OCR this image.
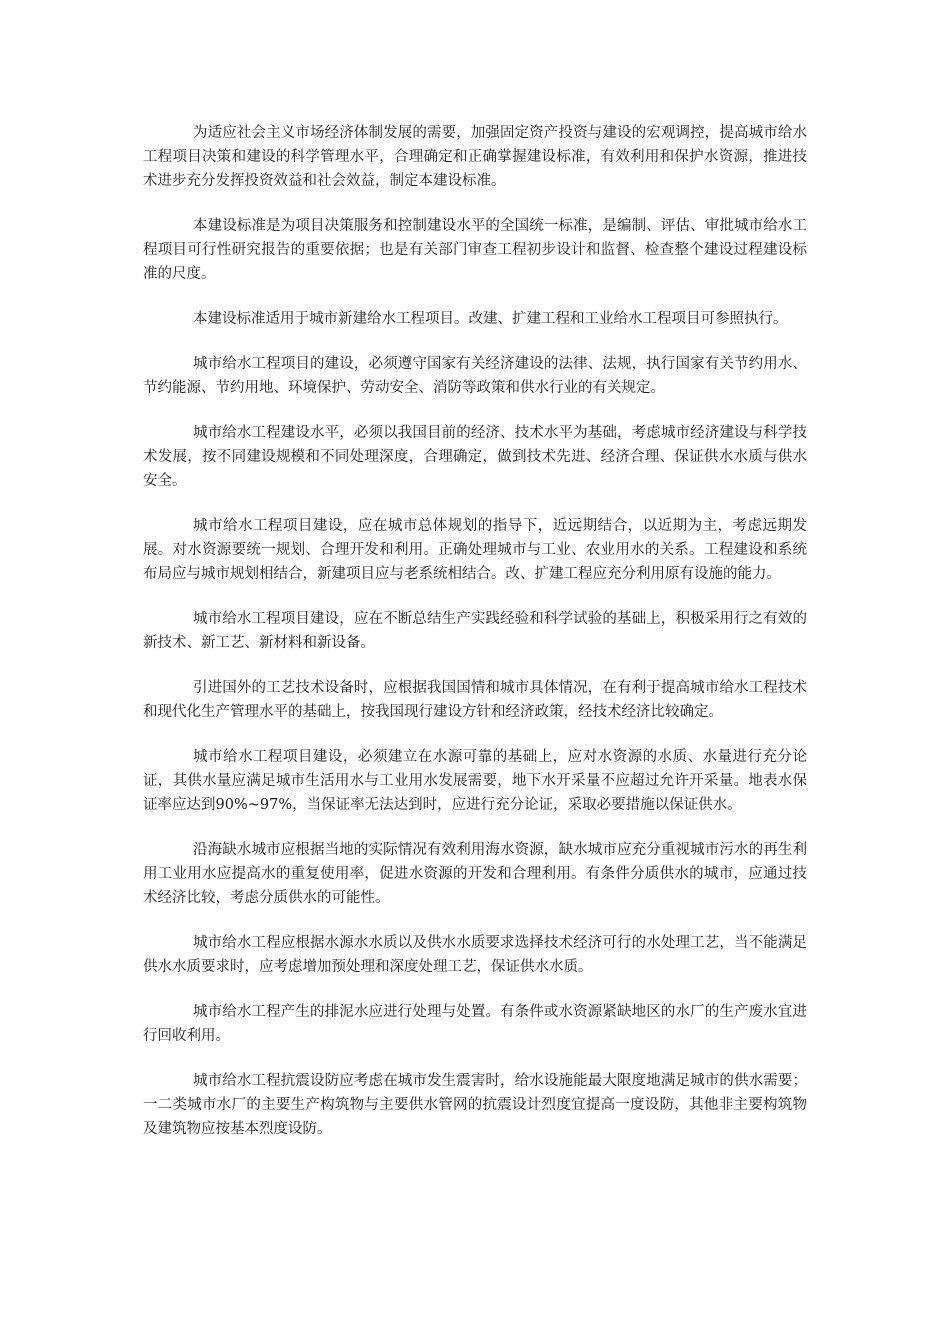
为适应社会主义市场经济体制发展的需要，加强固定资产投资与建设的宏观调控，提高城市给水工程项目决策和建设的科学管理水平，合理确定和正确掌握建设标准，有效利用和保护水资源，推进技术进步充分发挥投资效益和社会效益，制定本建设标准。

本建设标准是为项目决策服务和控制建设水平的全国统一标准，是编制、评估、审批城市给水工程项目可行性研究报告的重要依据；也是有关部门审查工程初步设计和监督、检查整个建设过程建设标准的尺度。

本建设标准适用于城市新建给水工程项目。改建、扩建工程和工业给水工程项目可参照执行。

城市给水工程项目的建设，必须遵守国家有关经济建设的法律、法规，执行国家有关节约用水、节约能源、节约用地、环境保护、劳动安全、消防等政策和供水行业的有关规定。

城市给水工程建设水平，必须以我国目前的经济、技术水平为基础，考虑城市经济建设与科学技术发展，按不同建设规模和不同处理深度，合理确定，做到技术先进、经济合理、保证供水水质与供水安全。

城市给水工程项目建设，应在城市总体规划的指导下，近远期结合，以近期为主，考虑远期发展。对水资源要统一规划、合理开发和利用。正确处理城市与工业、农业用水的关系。工程建设和系统布局应与城市规划相结合，新建项目应与老系统相结合。改、扩建工程应充分利用原有设施的能力。

城市给水工程项目建设，应在不断总结生产实践经验和科学试验的基础上，积极采用行之有效的新技术、新工艺、新材料和新设备。

引进国外的工艺技术设备时，应根据我国国情和城市具体情况，在有利于提高城市给水工程技术和现代化生产管理水平的基础上，按我国现行建设方针和经济政策，经技术经济比较确定。

城市给水工程项目建设，必须建立在水源可靠的基础上，应对水资源的水质、水量进行充分论证，其供水量应满足城市生活用水与工业用水发展需要，地下水开采量不应超过允许开采量。地表水保证率应达到90%~97%，当保证率无法达到时，应进行充分论证，采取必要措施以保证供水。

沿海缺水城市应根据当地的实际情况有效利用海水资源，缺水城市应充分重视城市污水的再生利用工业用水应提高水的重复使用率，促进水资源的开发和合理利用。有条件分质供水的城市，应通过技术经济比较，考虑分质供水的可能性。

城市给水工程应根据水源水水质以及供水水质要求选择技术经济可行的水处理工艺，当不能满足供水水质要求时，应考虑增加预处理和深度处理工艺，保证供水水质。

城市给水工程产生的排泥水应进行处理与处置。有条件或水资源紧缺地区的水厂的生产废水宜进行回收利用。

城市给水工程抗震设防应考虑在城市发生震害时，给水设施能最大限度地满足城市的供水需要；一二类城市水厂的主要生产构筑物与主要供水管网的抗震设计烈度宜提高一度设防，其他非主要构筑物及建筑物应按基本烈度设防。
